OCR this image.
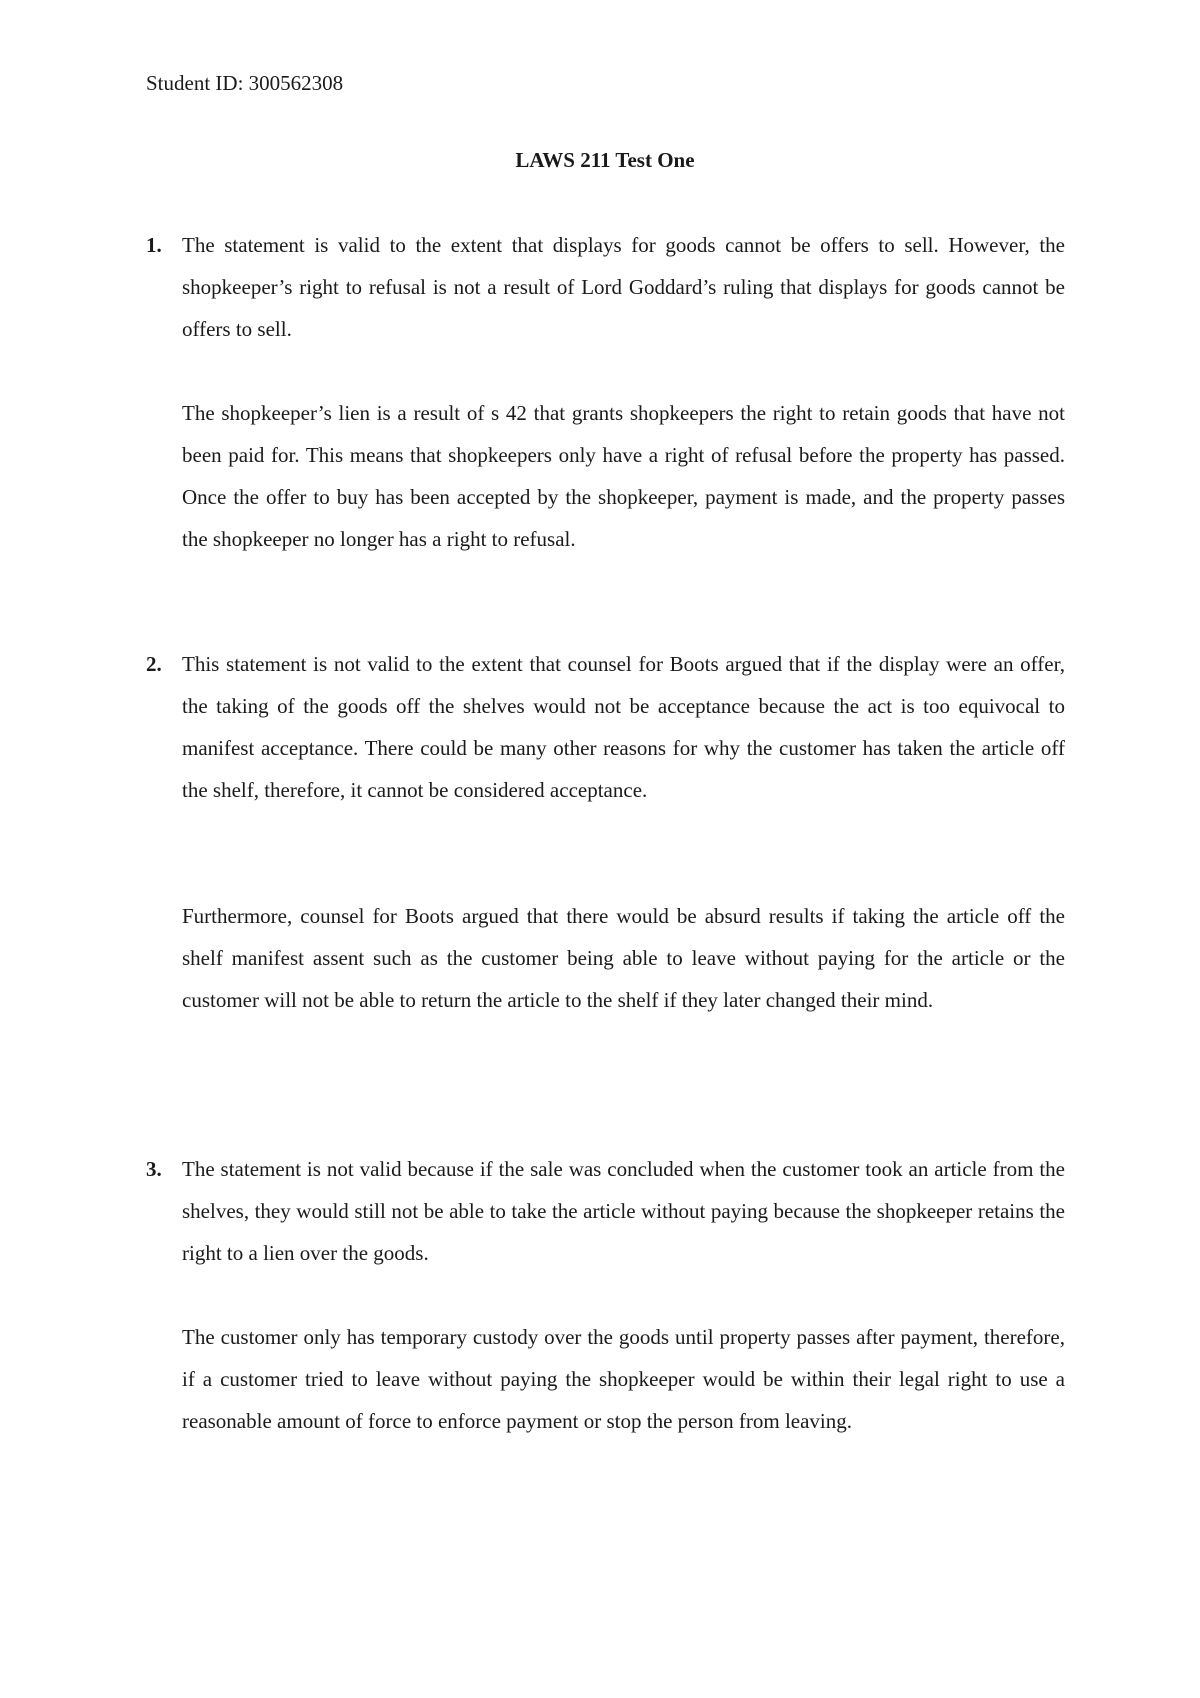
Student ID: 300562308
LAWS 211 Test One
1. The statement is valid to the extent that displays for goods cannot be offers to sell. However, the shopkeeper’s right to refusal is not a result of Lord Goddard’s ruling that displays for goods cannot be offers to sell.

The shopkeeper’s lien is a result of s 42 that grants shopkeepers the right to retain goods that have not been paid for. This means that shopkeepers only have a right of refusal before the property has passed. Once the offer to buy has been accepted by the shopkeeper, payment is made, and the property passes the shopkeeper no longer has a right to refusal.

2. This statement is not valid to the extent that counsel for Boots argued that if the display were an offer, the taking of the goods off the shelves would not be acceptance because the act is too equivocal to manifest acceptance. There could be many other reasons for why the customer has taken the article off the shelf, therefore, it cannot be considered acceptance.

Furthermore, counsel for Boots argued that there would be absurd results if taking the article off the shelf manifest assent such as the customer being able to leave without paying for the article or the customer will not be able to return the article to the shelf if they later changed their mind.

3. The statement is not valid because if the sale was concluded when the customer took an article from the shelves, they would still not be able to take the article without paying because the shopkeeper retains the right to a lien over the goods.

The customer only has temporary custody over the goods until property passes after payment, therefore, if a customer tried to leave without paying the shopkeeper would be within their legal right to use a reasonable amount of force to enforce payment or stop the person from leaving.
